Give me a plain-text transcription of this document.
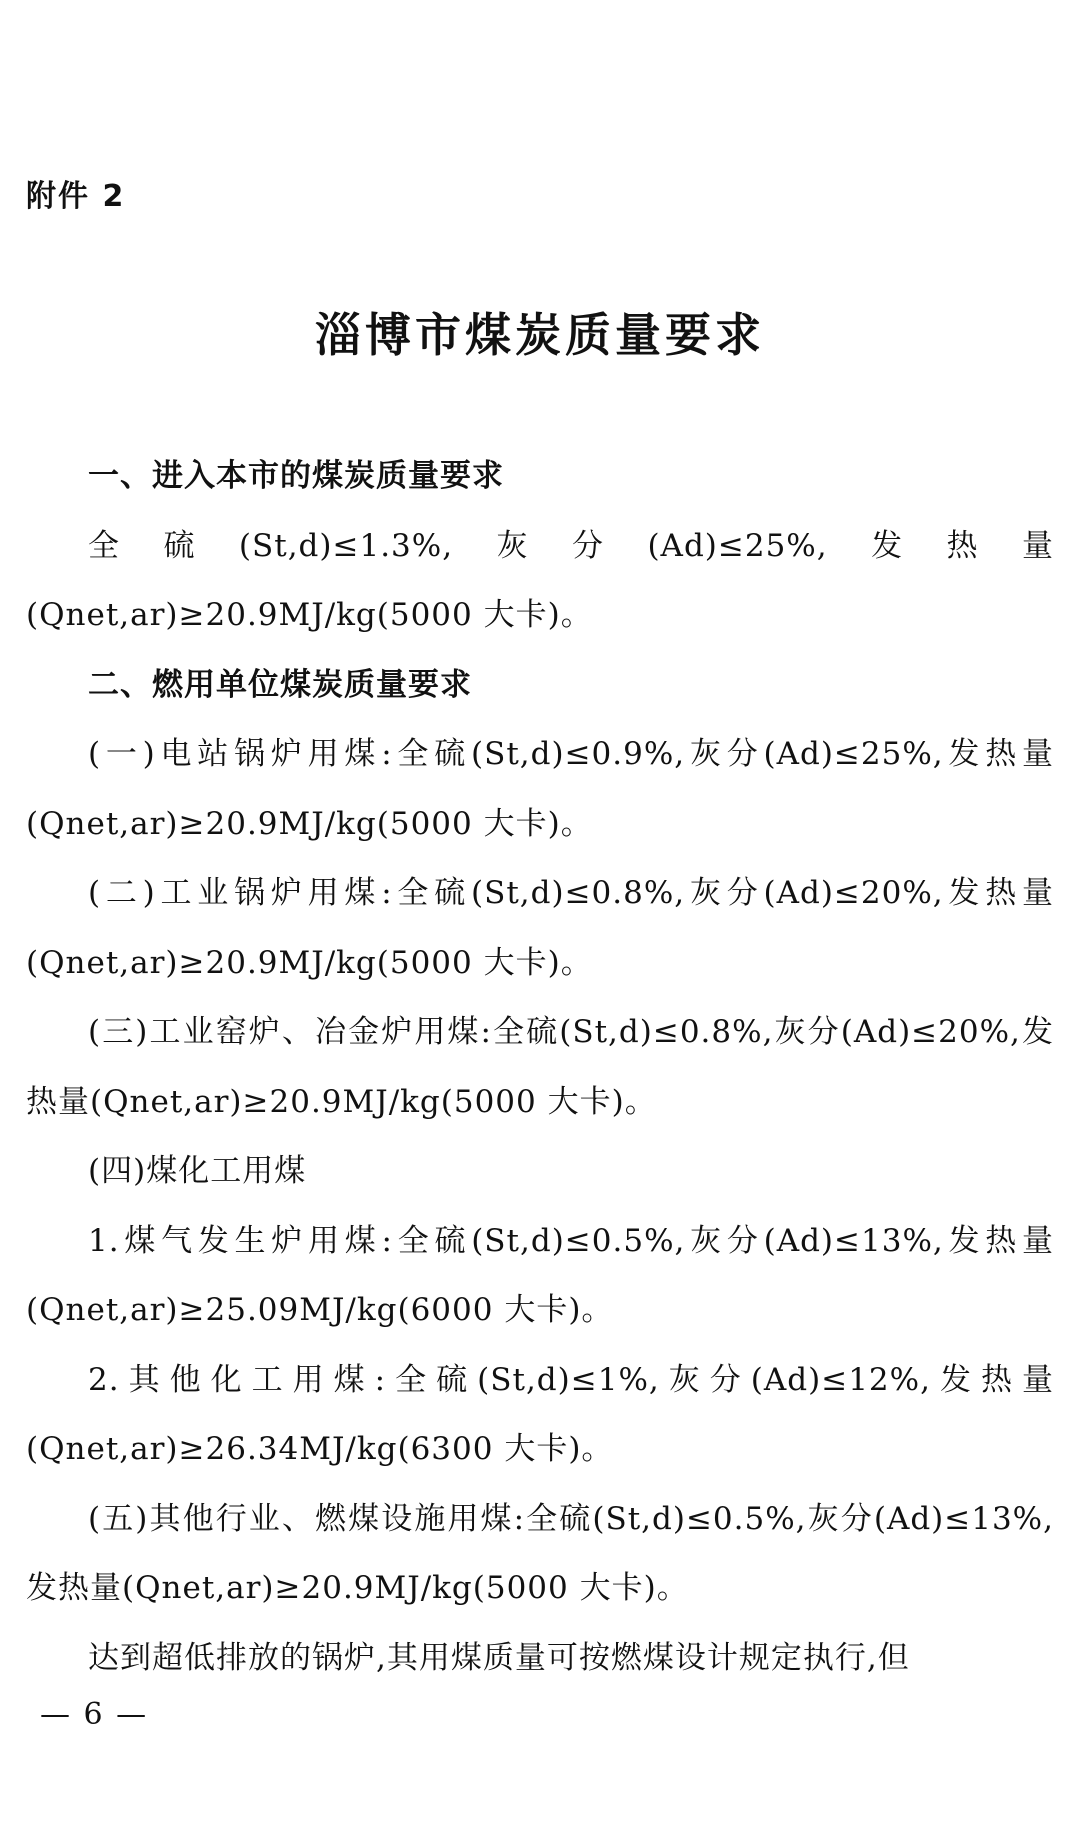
附件 2

淄博市煤炭质量要求

一、进入本市的煤炭质量要求

全硫(St,d)≤1.3%,灰分(Ad)≤25%,发热量(Qnet,ar)≥20.9MJ/kg(5000 大卡)。

二、燃用单位煤炭质量要求

(一)电站锅炉用煤:全硫(St,d)≤0.9%,灰分(Ad)≤25%,发热量(Qnet,ar)≥20.9MJ/kg(5000 大卡)。

(二)工业锅炉用煤:全硫(St,d)≤0.8%,灰分(Ad)≤20%,发热量(Qnet,ar)≥20.9MJ/kg(5000 大卡)。

(三)工业窑炉、冶金炉用煤:全硫(St,d)≤0.8%,灰分(Ad)≤20%,发热量(Qnet,ar)≥20.9MJ/kg(5000 大卡)。

(四)煤化工用煤

1.煤气发生炉用煤:全硫(St,d)≤0.5%,灰分(Ad)≤13%,发热量(Qnet,ar)≥25.09MJ/kg(6000 大卡)。

2.其他化工用煤:全硫(St,d)≤1%,灰分(Ad)≤12%,发热量(Qnet,ar)≥26.34MJ/kg(6300 大卡)。

(五)其他行业、燃煤设施用煤:全硫(St,d)≤0.5%,灰分(Ad)≤13%,发热量(Qnet,ar)≥20.9MJ/kg(5000 大卡)。

达到超低排放的锅炉,其用煤质量可按燃煤设计规定执行,但

— 6 —
